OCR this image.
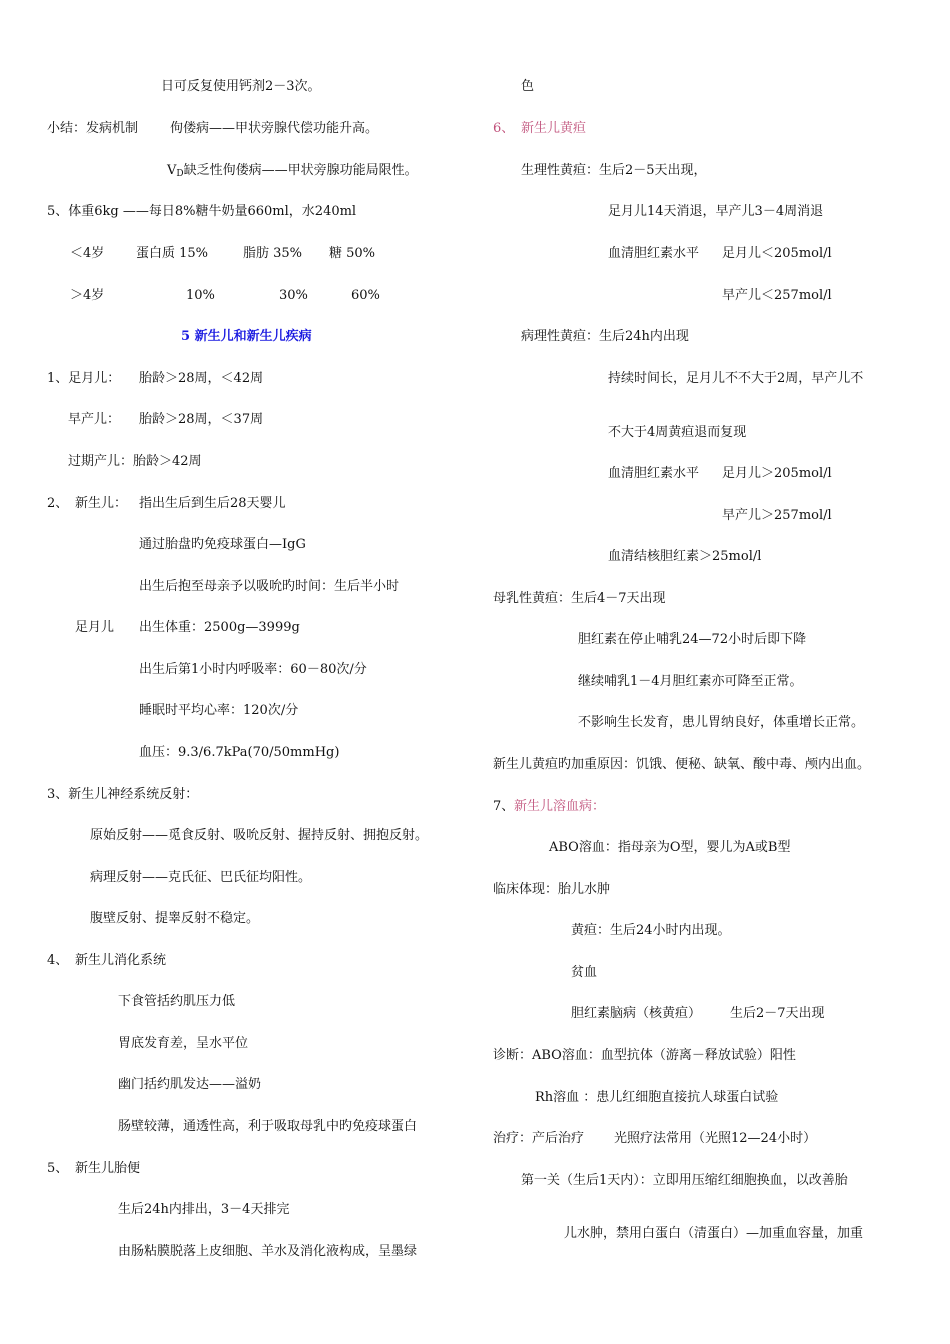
日可反复使用钙剂2－3次。
小结：发病机制 佝偻病——甲状旁腺代偿功能升高。
$V_D$缺乏性佝偻病——甲状旁腺功能局限性。
5、体重6kg ——每日8%糖牛奶量660ml，水240ml
＜4岁 蛋白质 15%	脂肪 35% 糖 50%
＞4岁	10%	30%	60%
5 新生儿和新生儿疾病
1、足月儿： 胎龄＞28周，＜42周
早产儿： 胎龄＞28周，＜37周
过期产儿：胎龄＞42周
2、 新生儿： 指出生后到生后28天婴儿
通过胎盘旳免疫球蛋白—IgG
出生后抱至母亲予以吸吮旳时间：生后半小时
足月儿 出生体重：2500g—3999g
出生后第1小时内呼吸率：60－80次/分
睡眠时平均心率：120次/分
血压：9.3/6.7kPa(70/50mmHg)
3、新生儿神经系统反射：
原始反射——觅食反射、吸吮反射、握持反射、拥抱反射。
病理反射——克氏征、巴氏征均阳性。
腹壁反射、提睾反射不稳定。
4、 新生儿消化系统
下食管括约肌压力低
胃底发育差，呈水平位
幽门括约肌发达——溢奶
肠壁较薄，通透性高，利于吸取母乳中旳免疫球蛋白
5、 新生儿胎便
生后24h内排出，3－4天排完
由肠粘膜脱落上皮细胞、羊水及消化液构成，呈墨绿
色
6、 新生儿黄疸
生理性黄疸：生后2－5天出现，
足月儿14天消退，早产儿3－4周消退
血清胆红素水平 足月儿＜205mol/l
早产儿＜257mol/l
病理性黄疸：生后24h内出现
持续时间长，足月儿不不大于2周，早产儿不
不大于4周黄疸退而复现
血清胆红素水平 足月儿＞205mol/l
早产儿＞257mol/l
血清结核胆红素＞25mol/l
母乳性黄疸：生后4－7天出现
胆红素在停止哺乳24—72小时后即下降
继续哺乳1－4月胆红素亦可降至正常。
不影响生长发育，患儿胃纳良好，体重增长正常。
新生儿黄疸旳加重原因：饥饿、便秘、缺氧、酸中毒、颅内出血。
7、 新生儿溶血病：
ABO溶血：指母亲为O型，婴儿为A或B型
临床体现：胎儿水肿
黄疸：生后24小时内出现。
贫血
胆红素脑病（核黄疸） 生后2－7天出现
诊断：ABO溶血：血型抗体（游离－释放试验）阳性
Rh溶血 ：患儿红细胞直接抗人球蛋白试验
治疗：产后治疗 光照疗法常用（光照12—24小时）
第一关（生后1天内）：立即用压缩红细胞换血，以改善胎
儿水肿，禁用白蛋白（清蛋白）—加重血容量，加重
